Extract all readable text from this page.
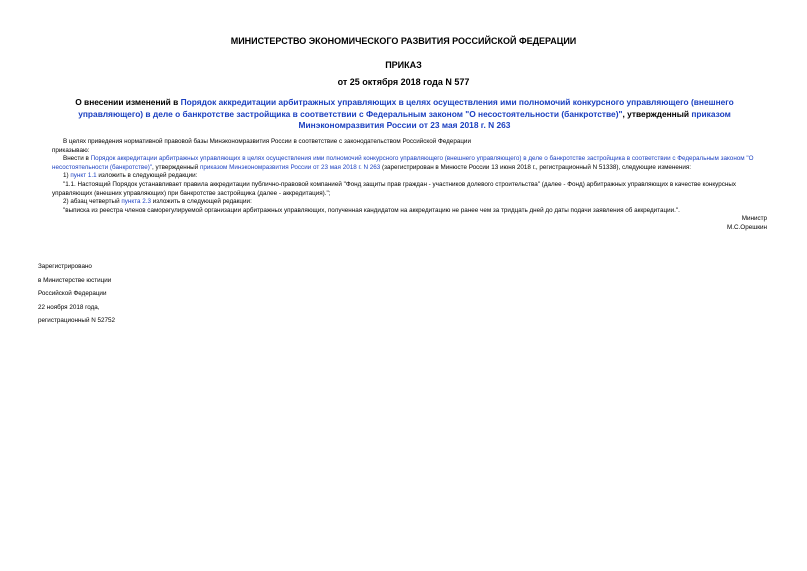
МИНИСТЕРСТВО ЭКОНОМИЧЕСКОГО РАЗВИТИЯ РОССИЙСКОЙ ФЕДЕРАЦИИ
ПРИКАЗ
от 25 октября 2018 года N 577
О внесении изменений в Порядок аккредитации арбитражных управляющих в целях осуществления ими полномочий конкурсного управляющего (внешнего управляющего) в деле о банкротстве застройщика в соответствии с Федеральным законом "О несостоятельности (банкротстве)", утвержденный приказом Минэкономразвития России от 23 мая 2018 г. N 263

В целях приведения нормативной правовой базы Минэкономразвития России в соответствие с законодательством Российской Федерации

приказываю:

Внести в Порядок аккредитации арбитражных управляющих в целях осуществления ими полномочий конкурсного управляющего (внешнего управляющего) в деле о банкротстве застройщика в соответствии с Федеральным законом "О несостоятельности (банкротстве)", утвержденный приказом Минэкономразвития России от 23 мая 2018 г. N 263 (зарегистрирован в Минюсте России 13 июня 2018 г., регистрационный N 51338), следующие изменения:

1) пункт 1.1 изложить в следующей редакции:

"1.1. Настоящий Порядок устанавливает правила аккредитации публично-правовой компанией "Фонд защиты прав граждан - участников долевого строительства" (далее - Фонд) арбитражных управляющих в качестве конкурсных управляющих (внешних управляющих) при банкротстве застройщика (далее - аккредитация).";

2) абзац четвертый пункта 2.3 изложить в следующей редакции:

"выписка из реестра членов саморегулируемой организации арбитражных управляющих, полученная кандидатом на аккредитацию не ранее чем за тридцать дней до даты подачи заявления об аккредитации.".

Министр

М.С.Орешкин

Зарегистрировано

в Министерстве юстиции

Российской Федерации

22 ноября 2018 года,

регистрационный N 52752
